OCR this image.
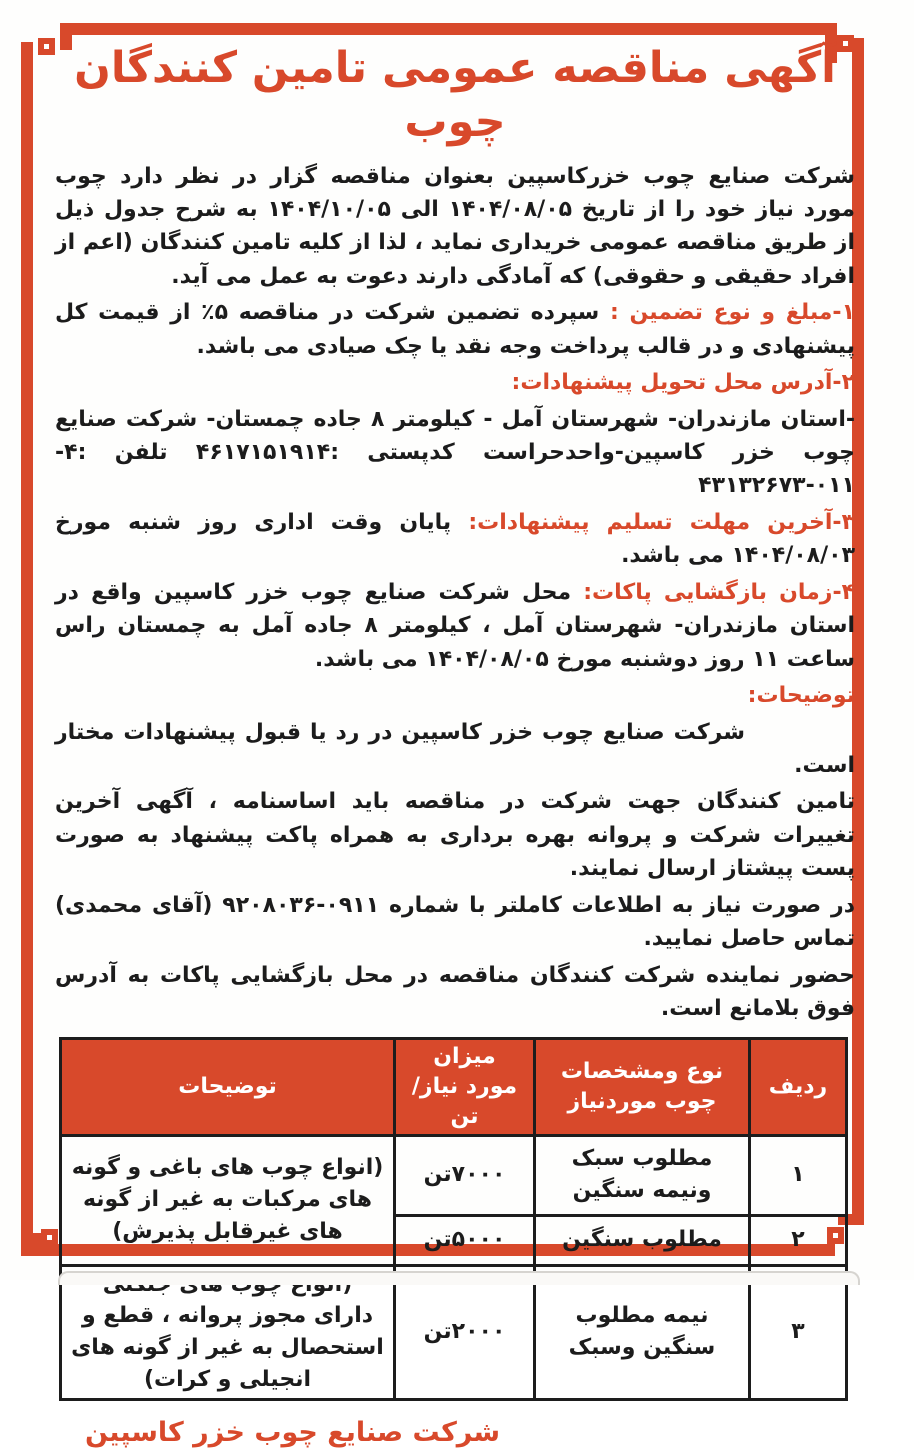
آگهی مناقصه عمومی تامین کنندگان چوب

شرکت صنایع چوب خزرکاسپین بعنوان مناقصه گزار در نظر دارد چوب مورد نیاز خود را از تاریخ ۱۴۰۴/۰۸/۰۵ الی ۱۴۰۴/۱۰/۰۵ به شرح جدول ذیل از طریق مناقصه عمومی خریداری نماید ، لذا از کلیه تامین کنندگان (اعم از افراد حقیقی و حقوقی) که آمادگی دارند دعوت به عمل می آید.

۱-مبلغ و نوع تضمین : سپرده تضمین شرکت در مناقصه ۵٪ از قیمت کل پیشنهادی و در قالب پرداخت وجه نقد یا چک صیادی می باشد.

۲-آدرس محل تحویل پیشنهادات:

-استان مازندران- شهرستان آمل - کیلومتر ۸ جاده چمستان- شرکت صنایع چوب خزر کاسپین-واحدحراست کدپستی :۴۶۱۷۱۵۱۹۱۴ تلفن :۴- ۰۱۱-۴۳۱۳۲۶۷۳

۳-آخرین مهلت تسلیم پیشنهادات: پایان وقت اداری روز شنبه مورخ ۱۴۰۴/۰۸/۰۳ می باشد.

۴-زمان بازگشایی پاکات: محل شرکت صنایع چوب خزر کاسپین واقع در استان مازندران- شهرستان آمل ، کیلومتر ۸ جاده آمل به چمستان راس ساعت ۱۱ روز دوشنبه مورخ ۱۴۰۴/۰۸/۰۵ می باشد.

توضیحات:

شرکت صنایع چوب خزر کاسپین در رد یا قبول پیشنهادات مختار است.

تامین کنندگان جهت شرکت در مناقصه باید اساسنامه ، آگهی آخرین تغییرات شرکت و پروانه بهره برداری به همراه پاکت پیشنهاد به صورت پست پیشتاز ارسال نمایند.

در صورت نیاز به اطلاعات کاملتر با شماره ۰۹۱۱-۹۲۰۸۰۳۶ (آقای محمدی) تماس حاصل نمایید.

حضور نماینده شرکت کنندگان مناقصه در محل بازگشایی پاکات به آدرس فوق بلامانع است.

ردیف	نوع ومشخصات چوب موردنیاز	میزان مورد نیاز/تن	توضیحات
۱	مطلوب سبک ونیمه سنگین	۷۰۰۰تن	(انواع چوب های باغی و گونه های مرکبات به غیر از گونه های غیرقابل پذیرش)
۲	مطلوب سنگین	۵۰۰۰تن	
۳	نیمه مطلوب سنگین وسبک	۲۰۰۰تن	دارای مجوز پروانه ، قطع و استحصال به غیر از گونه های انجیلی و کرات)
شرکت صنایع چوب خزر کاسپین
